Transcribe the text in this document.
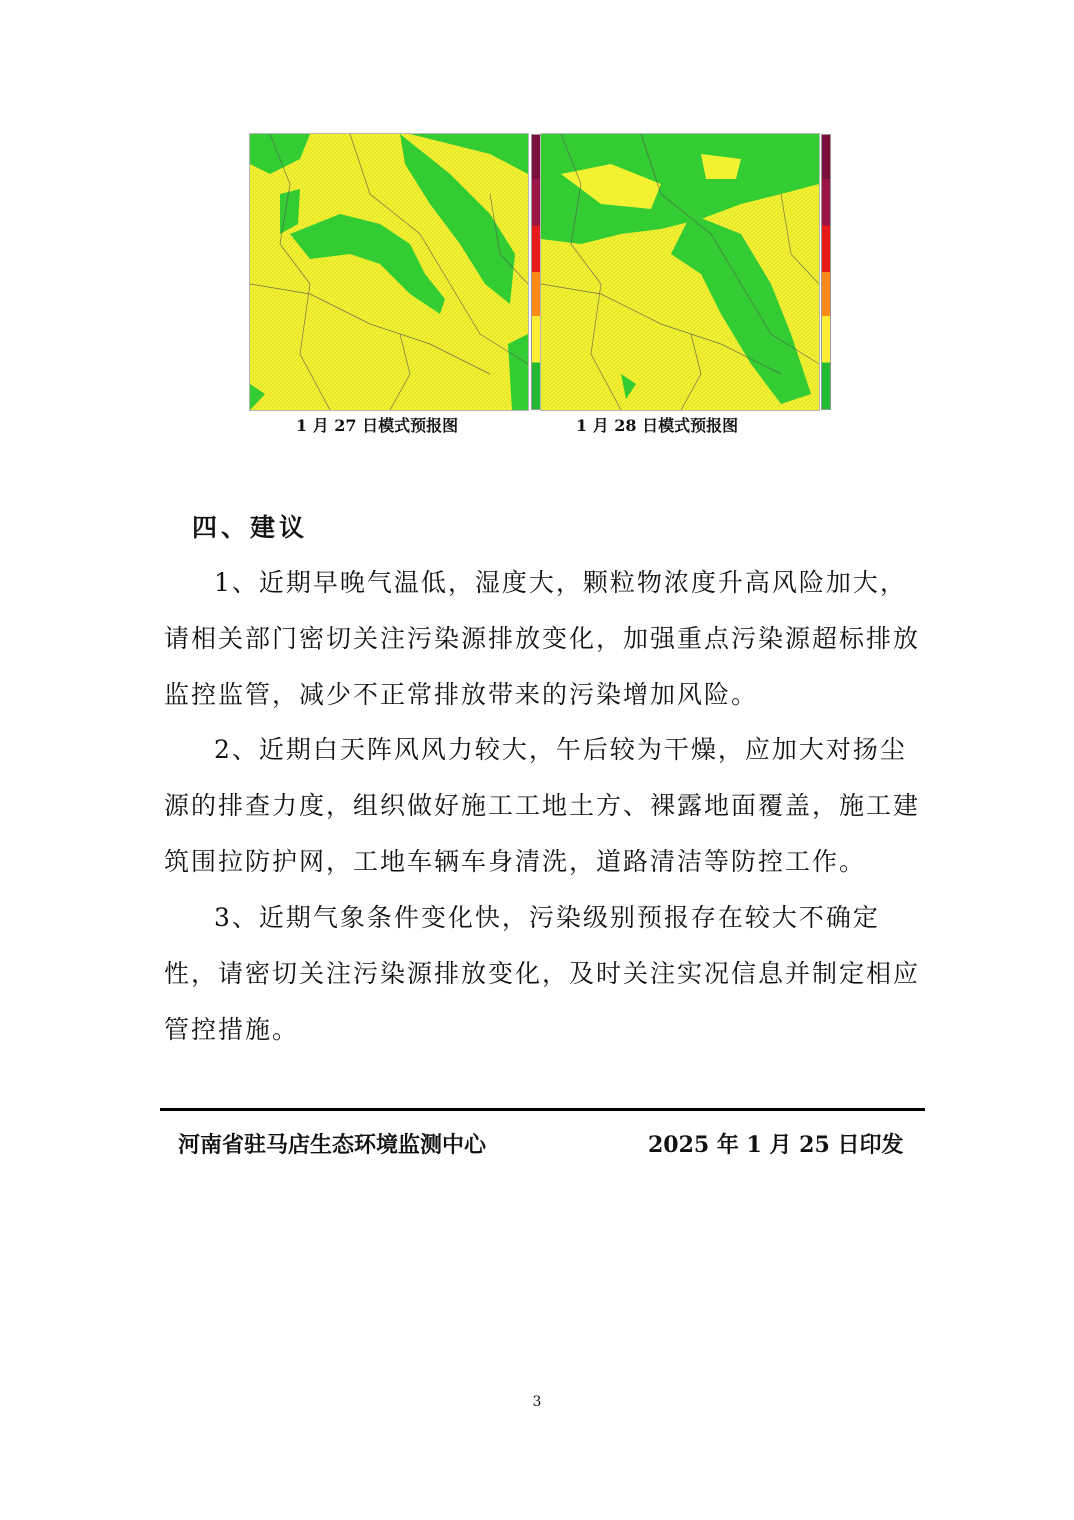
1 月 27 日模式预报图	1 月 28 日模式预报图
四、建议

1、近期早晚气温低，湿度大，颗粒物浓度升高风险加大，请相关部门密切关注污染源排放变化，加强重点污染源超标排放监控监管，减少不正常排放带来的污染增加风险。

2、近期白天阵风风力较大，午后较为干燥，应加大对扬尘源的排查力度，组织做好施工工地土方、裸露地面覆盖，施工建筑围拉防护网，工地车辆车身清洗，道路清洁等防控工作。

3、近期气象条件变化快，污染级别预报存在较大不确定性，请密切关注污染源排放变化，及时关注实况信息并制定相应管控措施。

河南省驻马店生态环境监测中心	2025 年 1 月 25 日印发
3
